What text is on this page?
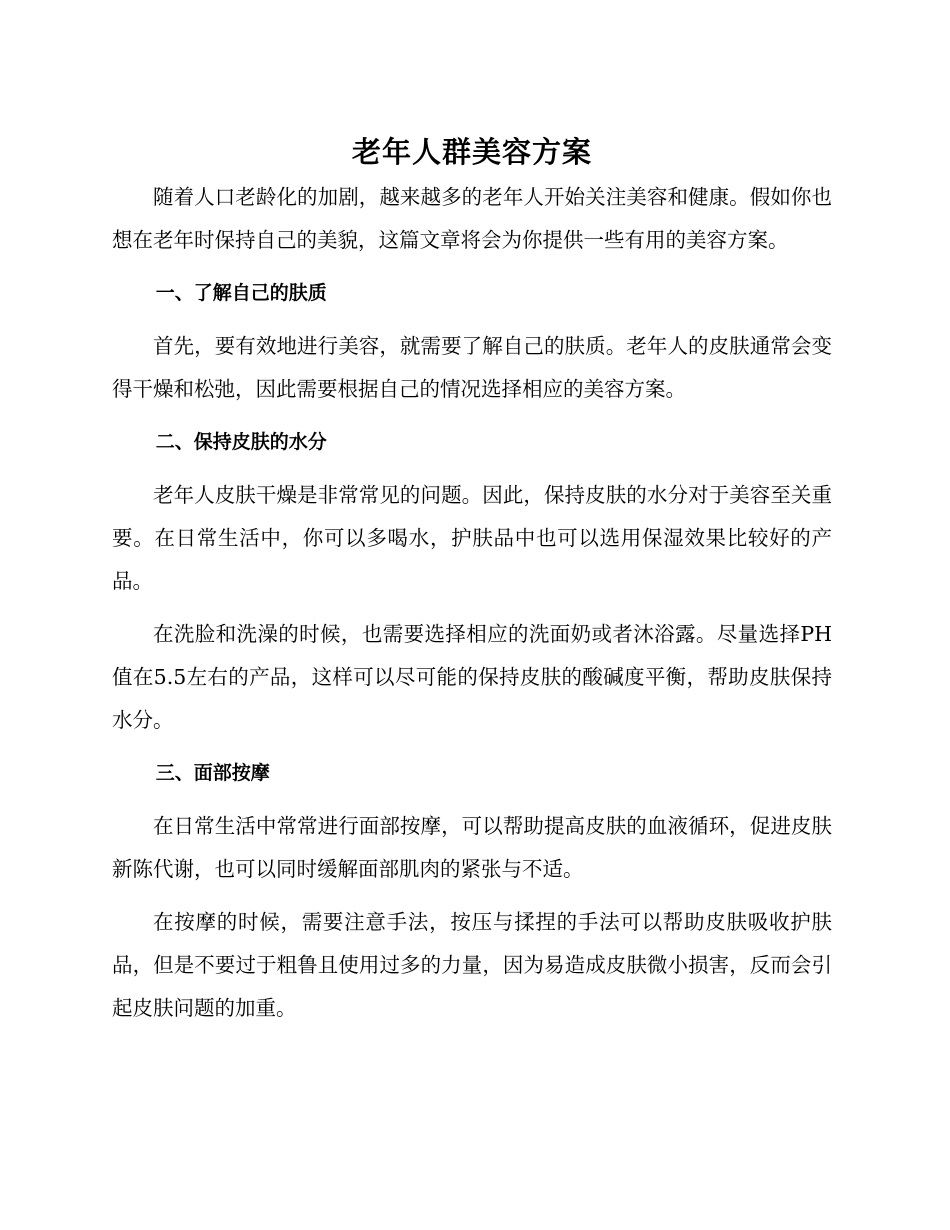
老年人群美容方案

随着人口老龄化的加剧，越来越多的老年人开始关注美容和健康。假如你也想在老年时保持自己的美貌，这篇文章将会为你提供一些有用的美容方案。

一、了解自己的肤质

首先，要有效地进行美容，就需要了解自己的肤质。老年人的皮肤通常会变得干燥和松弛，因此需要根据自己的情况选择相应的美容方案。

二、保持皮肤的水分

老年人皮肤干燥是非常常见的问题。因此，保持皮肤的水分对于美容至关重要。在日常生活中，你可以多喝水，护肤品中也可以选用保湿效果比较好的产品。

在洗脸和洗澡的时候，也需要选择相应的洗面奶或者沐浴露。尽量选择PH值在5.5左右的产品，这样可以尽可能的保持皮肤的酸碱度平衡，帮助皮肤保持水分。

三、面部按摩

在日常生活中常常进行面部按摩，可以帮助提高皮肤的血液循环，促进皮肤新陈代谢，也可以同时缓解面部肌肉的紧张与不适。

在按摩的时候，需要注意手法，按压与揉捏的手法可以帮助皮肤吸收护肤品，但是不要过于粗鲁且使用过多的力量，因为易造成皮肤微小损害，反而会引起皮肤问题的加重。
